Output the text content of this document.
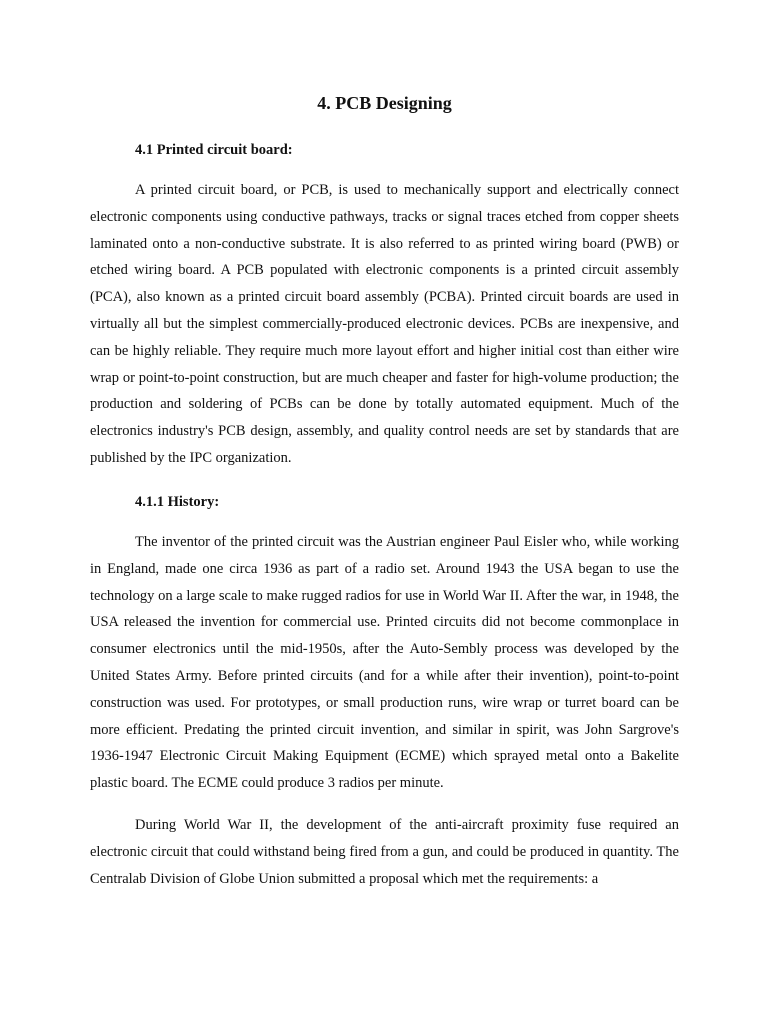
4. PCB Designing
4.1 Printed circuit board:

A printed circuit board, or PCB, is used to mechanically support and electrically connect electronic components using conductive pathways, tracks or signal traces etched from copper sheets laminated onto a non-conductive substrate. It is also referred to as printed wiring board (PWB) or etched wiring board. A PCB populated with electronic components is a printed circuit assembly (PCA), also known as a printed circuit board assembly (PCBA). Printed circuit boards are used in virtually all but the simplest commercially-produced electronic devices. PCBs are inexpensive, and can be highly reliable. They require much more layout effort and higher initial cost than either wire wrap or point-to-point construction, but are much cheaper and faster for high-volume production; the production and soldering of PCBs can be done by totally automated equipment. Much of the electronics industry's PCB design, assembly, and quality control needs are set by standards that are published by the IPC organization.

4.1.1 History:

The inventor of the printed circuit was the Austrian engineer Paul Eisler who, while working in England, made one circa 1936 as part of a radio set. Around 1943 the USA began to use the technology on a large scale to make rugged radios for use in World War II. After the war, in 1948, the USA released the invention for commercial use. Printed circuits did not become commonplace in consumer electronics until the mid-1950s, after the Auto-Sembly process was developed by the United States Army. Before printed circuits (and for a while after their invention), point-to-point construction was used. For prototypes, or small production runs, wire wrap or turret board can be more efficient. Predating the printed circuit invention, and similar in spirit, was John Sargrove's 1936-1947 Electronic Circuit Making Equipment (ECME) which sprayed metal onto a Bakelite plastic board. The ECME could produce 3 radios per minute.

During World War II, the development of the anti-aircraft proximity fuse required an electronic circuit that could withstand being fired from a gun, and could be produced in quantity. The Centralab Division of Globe Union submitted a proposal which met the requirements: a
